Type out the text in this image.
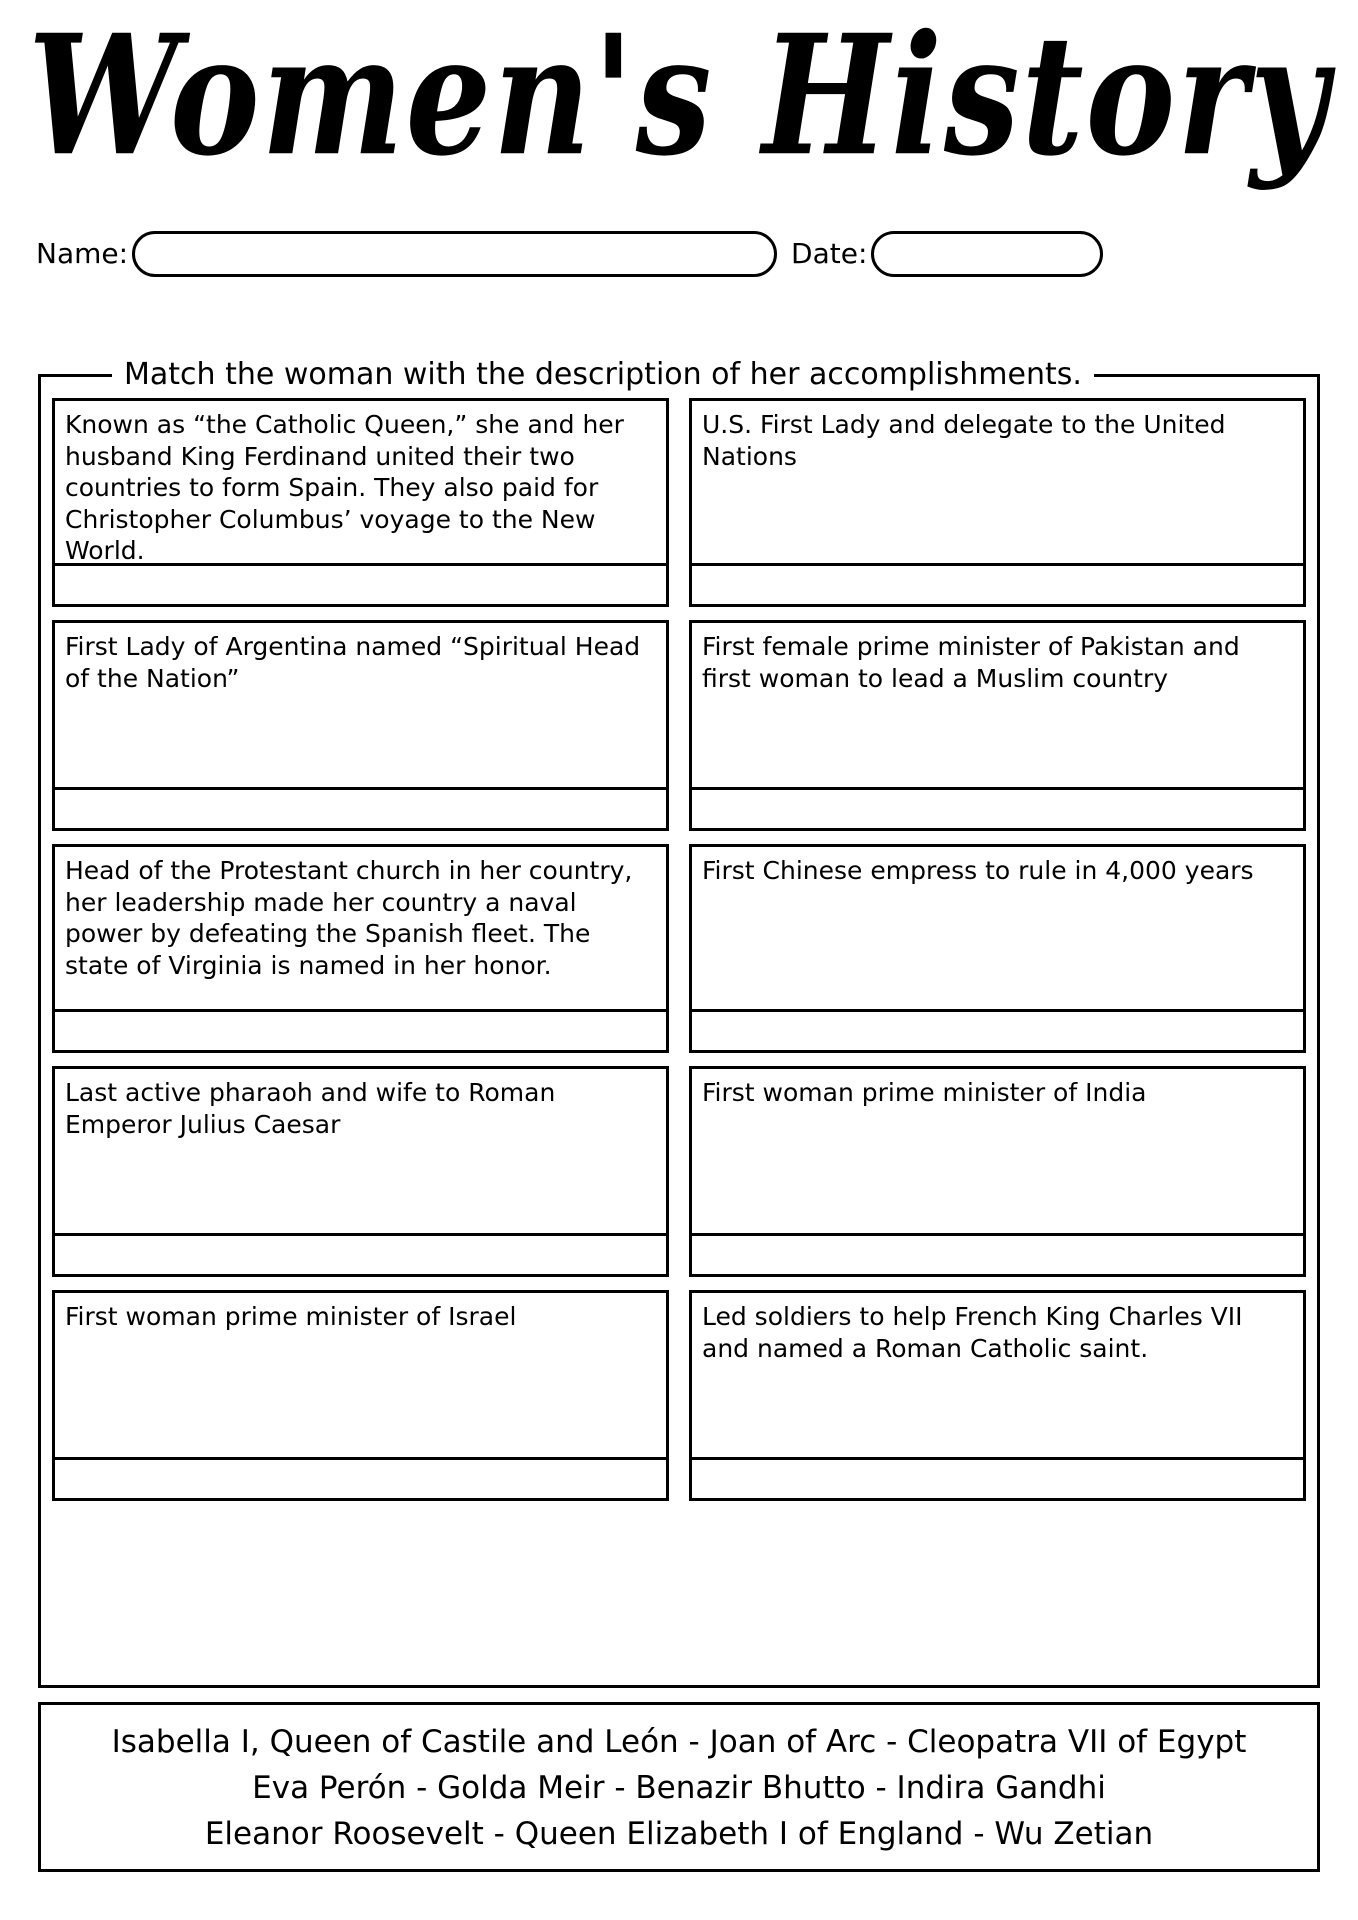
Women's History
Name:	Date:
Match the woman with the description of her accomplishments.
Known as “the Catholic Queen,” she and her husband King Ferdinand united their two countries to form Spain. They also paid for Christopher Columbus’ voyage to the New World.
U.S. First Lady and delegate to the United Nations
First Lady of Argentina named “Spiritual Head of the Nation”
First female prime minister of Pakistan and first woman to lead a Muslim country
Head of the Protestant church in her country, her leadership made her country a naval power by defeating the Spanish fleet. The state of Virginia is named in her honor.
First Chinese empress to rule in 4,000 years
Last active pharaoh and wife to Roman Emperor Julius Caesar
First woman prime minister of India
First woman prime minister of Israel	Led soldiers to help French King Charles VII and named a Roman Catholic saint.
Isabella I, Queen of Castile and León - Joan of Arc - Cleopatra VII of Egypt
Eva Perón - Golda Meir - Benazir Bhutto - Indira Gandhi
Eleanor Roosevelt - Queen Elizabeth I of England - Wu Zetian
